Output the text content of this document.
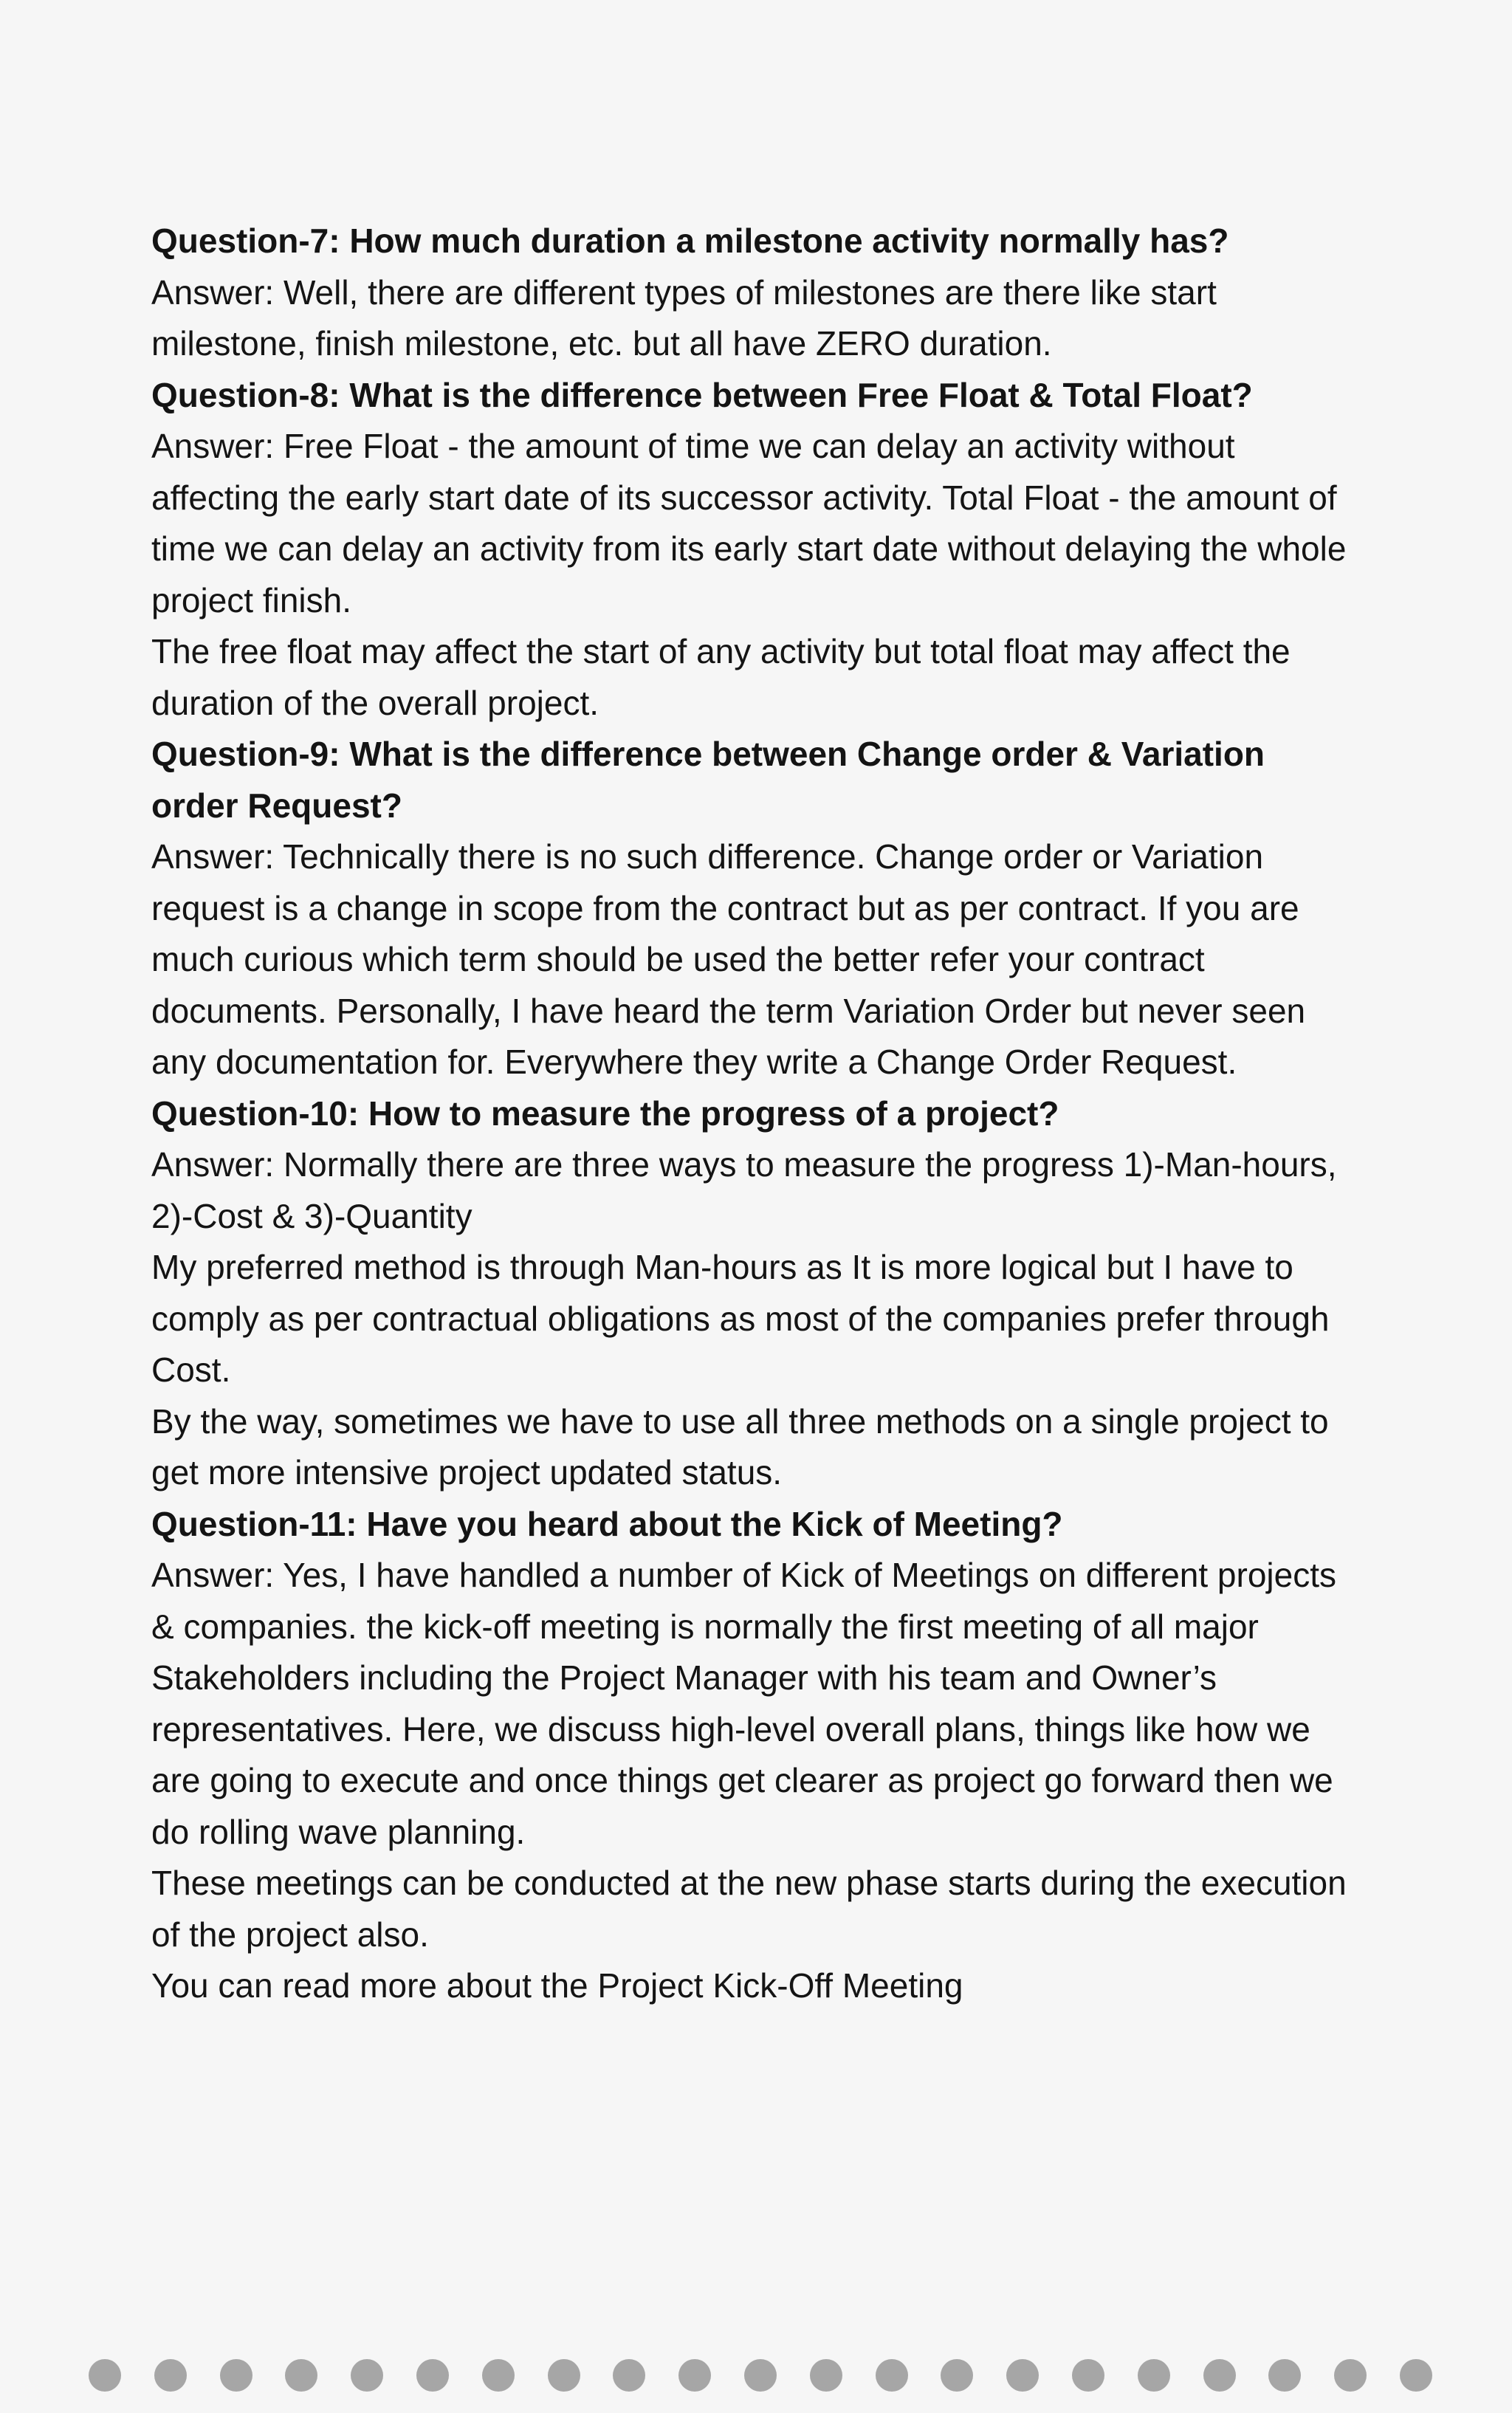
Question-7: How much duration a milestone activity normally has?

Answer: Well, there are different types of milestones are there like start milestone, finish milestone, etc. but all have ZERO duration.

Question-8: What is the difference between Free Float & Total Float?

Answer: Free Float - the amount of time we can delay an activity without affecting the early start date of its successor activity. Total Float - the amount of time we can delay an activity from its early start date without delaying the whole project finish.

The free float may affect the start of any activity but total float may affect the duration of the overall project.

Question-9: What is the difference between Change order & Variation order Request?

Answer: Technically there is no such difference. Change order or Variation request is a change in scope from the contract but as per contract. If you are much curious which term should be used the better refer your contract documents. Personally, I have heard the term Variation Order but never seen any documentation for. Everywhere they write a Change Order Request.

Question-10: How to measure the progress of a project?

Answer: Normally there are three ways to measure the progress 1)-Man-hours, 2)-Cost & 3)-Quantity

My preferred method is through Man-hours as It is more logical but I have to comply as per contractual obligations as most of the companies prefer through Cost.

By the way, sometimes we have to use all three methods on a single project to get more intensive project updated status.

Question-11: Have you heard about the Kick of Meeting?

Answer: Yes, I have handled a number of Kick of Meetings on different projects & companies. the kick-off meeting is normally the first meeting of all major Stakeholders including the Project Manager with his team and Owner’s representatives. Here, we discuss high-level overall plans, things like how we are going to execute and once things get clearer as project go forward then we do rolling wave planning.

These meetings can be conducted at the new phase starts during the execution of the project also.

You can read more about the Project Kick-Off Meeting
